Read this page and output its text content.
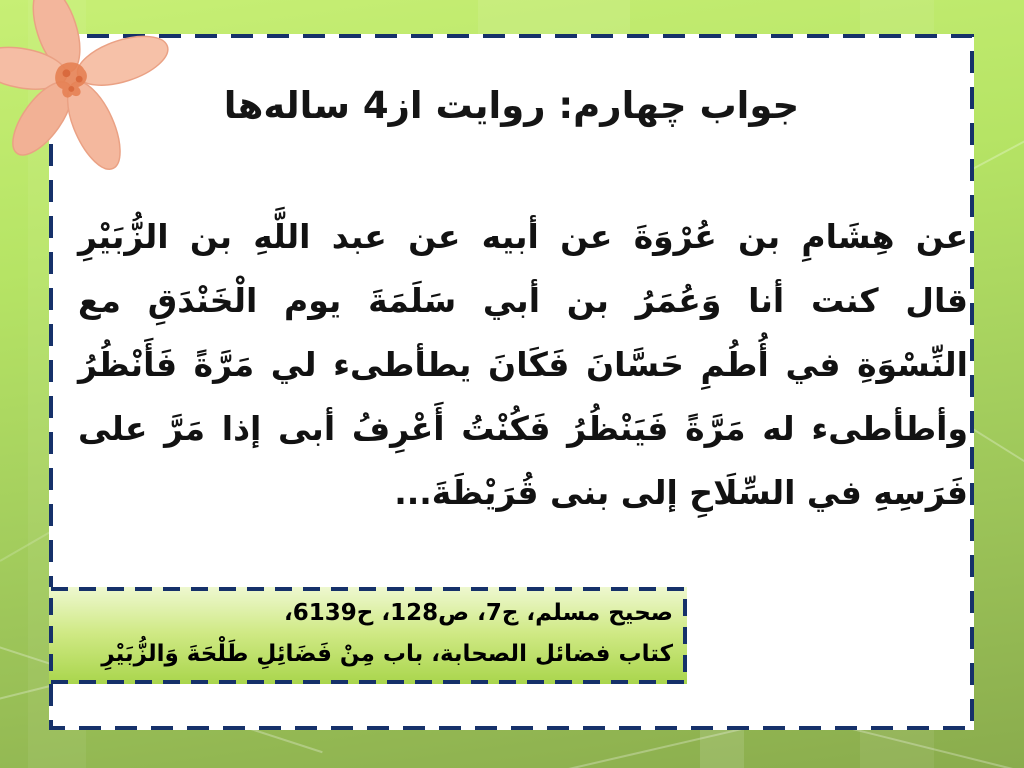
جواب چهارم: روايت از4 ساله‌ها
عن هِشَامِ بن عُرْوَةَ عن أبيه عن عبد اللَّهِ بن الزُّبَيْرِ
قال كنت أنا وَعُمَرُ بن أبي سَلَمَةَ يوم الْخَنْدَقِ مع
النِّسْوَةِ في أُطُمِ حَسَّانَ فَكَانَ يطأطىء لي مَرَّةً فَأَنْظُرُ
وأطأطىء له مَرَّةً فَيَنْظُرُ فَكُنْتُ أَعْرِفُ أبى إذا مَرَّ على
فَرَسِهِ في السِّلَاحِ إلى بنى قُرَيْظَةَ...
صحيح مسلم، ج7، ص128، ح6139،
كتاب فضائل الصحابة، باب مِنْ فَضَائِلِ طَلْحَةَ وَالزُّبَيْرِ
